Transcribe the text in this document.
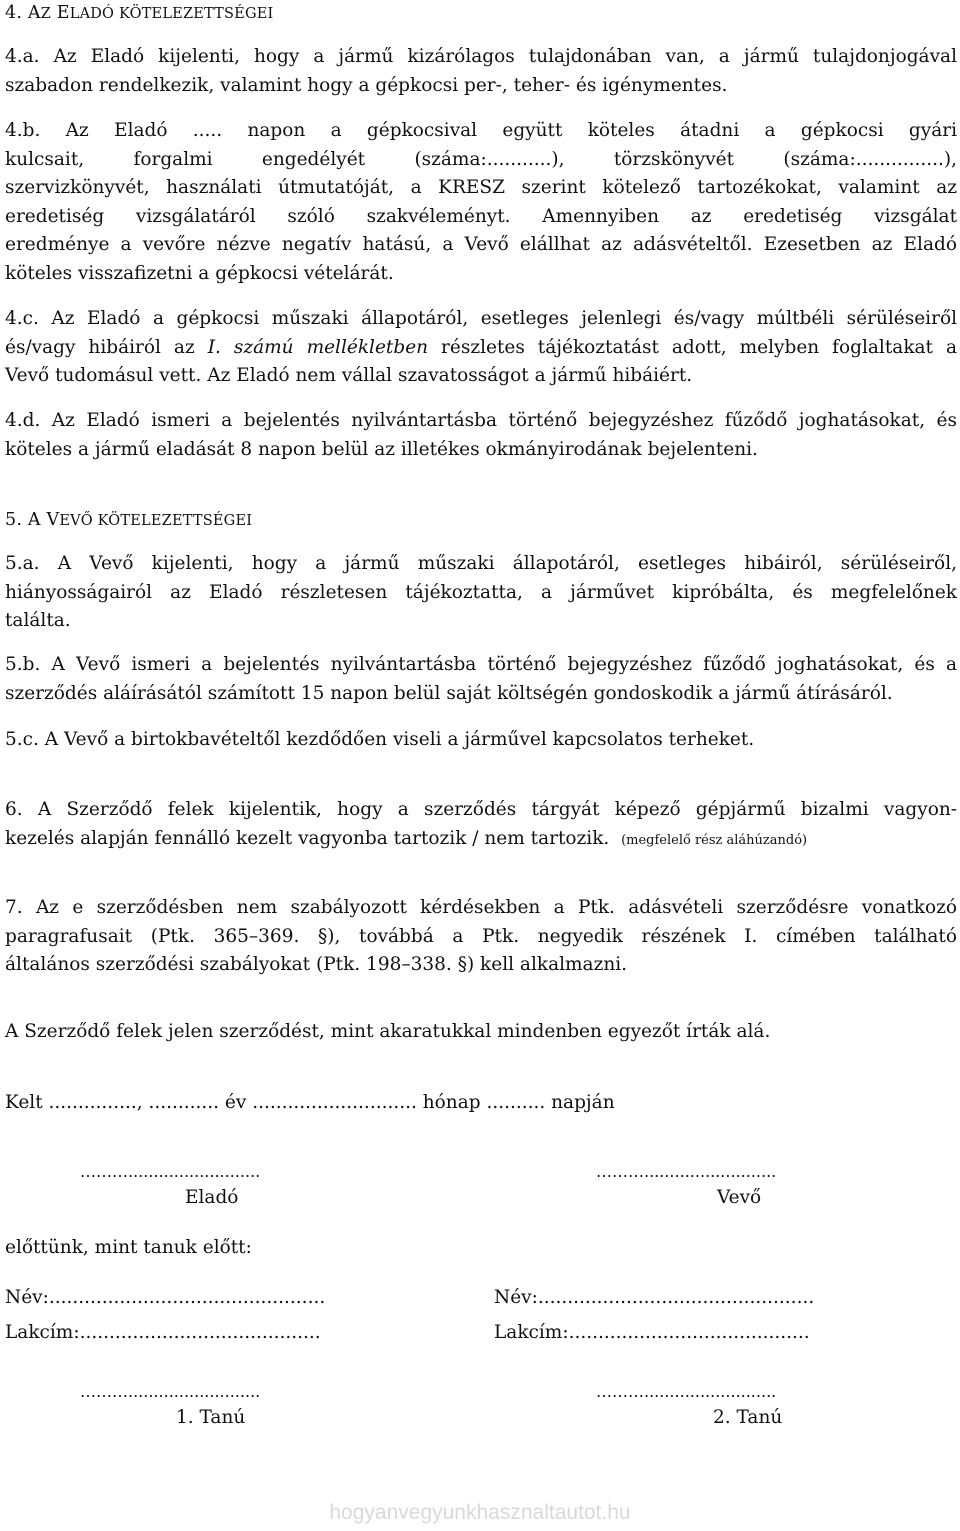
4. AZ ELADÓ KÖTELEZETTSÉGEI
4.a. Az Eladó kijelenti, hogy a jármű kizárólagos tulajdonában van, a jármű tulajdonjogával
szabadon rendelkezik, valamint hogy a gépkocsi per-, teher- és igénymentes.
4.b. Az Eladó ..... napon a gépkocsival együtt köteles átadni a gépkocsi gyári
kulcsait, forgalmi engedélyét (száma:...........), törzskönyvét (száma:...............),
szervizkönyvét, használati útmutatóját, a KRESZ szerint kötelező tartozékokat, valamint az
eredetiség vizsgálatáról szóló szakvéleményt. Amennyiben az eredetiség vizsgálat
eredménye a vevőre nézve negatív hatású, a Vevő elállhat az adásvételtől. Ezesetben az Eladó
köteles visszafizetni a gépkocsi vételárát.
4.c. Az Eladó a gépkocsi műszaki állapotáról, esetleges jelenlegi és/vagy múltbéli sérüléseiről
és/vagy hibáiról az I. számú mellékletben részletes tájékoztatást adott, melyben foglaltakat a
Vevő tudomásul vett. Az Eladó nem vállal szavatosságot a jármű hibáiért.
4.d. Az Eladó ismeri a bejelentés nyilvántartásba történő bejegyzéshez fűződő joghatásokat, és
köteles a jármű eladását 8 napon belül az illetékes okmányirodának bejelenteni.
5. A VEVŐ KÖTELEZETTSÉGEI
5.a. A Vevő kijelenti, hogy a jármű műszaki állapotáról, esetleges hibáiról, sérüléseiről,
hiányosságairól az Eladó részletesen tájékoztatta, a járművet kipróbálta, és megfelelőnek
találta.
5.b. A Vevő ismeri a bejelentés nyilvántartásba történő bejegyzéshez fűződő joghatásokat, és a
szerződés aláírásától számított 15 napon belül saját költségén gondoskodik a jármű átírásáról.
5.c. A Vevő a birtokbavételtől kezdődően viseli a járművel kapcsolatos terheket.
6. A Szerződő felek kijelentik, hogy a szerződés tárgyát képező gépjármű bizalmi vagyon-
kezelés alapján fennálló kezelt vagyonba tartozik / nem tartozik. (megfelelő rész aláhúzandó)
7. Az e szerződésben nem szabályozott kérdésekben a Ptk. adásvételi szerződésre vonatkozó
paragrafusait (Ptk. 365–369. §), továbbá a Ptk. negyedik részének I. címében található
általános szerződési szabályokat (Ptk. 198–338. §) kell alkalmazni.
A Szerződő felek jelen szerződést, mint akaratukkal mindenben egyezőt írták alá.
Kelt ..............., ............ év ............................ hónap .......... napján
………..........................	………..........................
Eladó	Vevő
előttünk, mint tanuk előtt:
Név:...............................................	Név:...............................................
Lakcím:.........................................	Lakcím:.........................................
………..........................	………..........................
1. Tanú	2. Tanú
hogyanvegyunkhasznaltautot.hu
